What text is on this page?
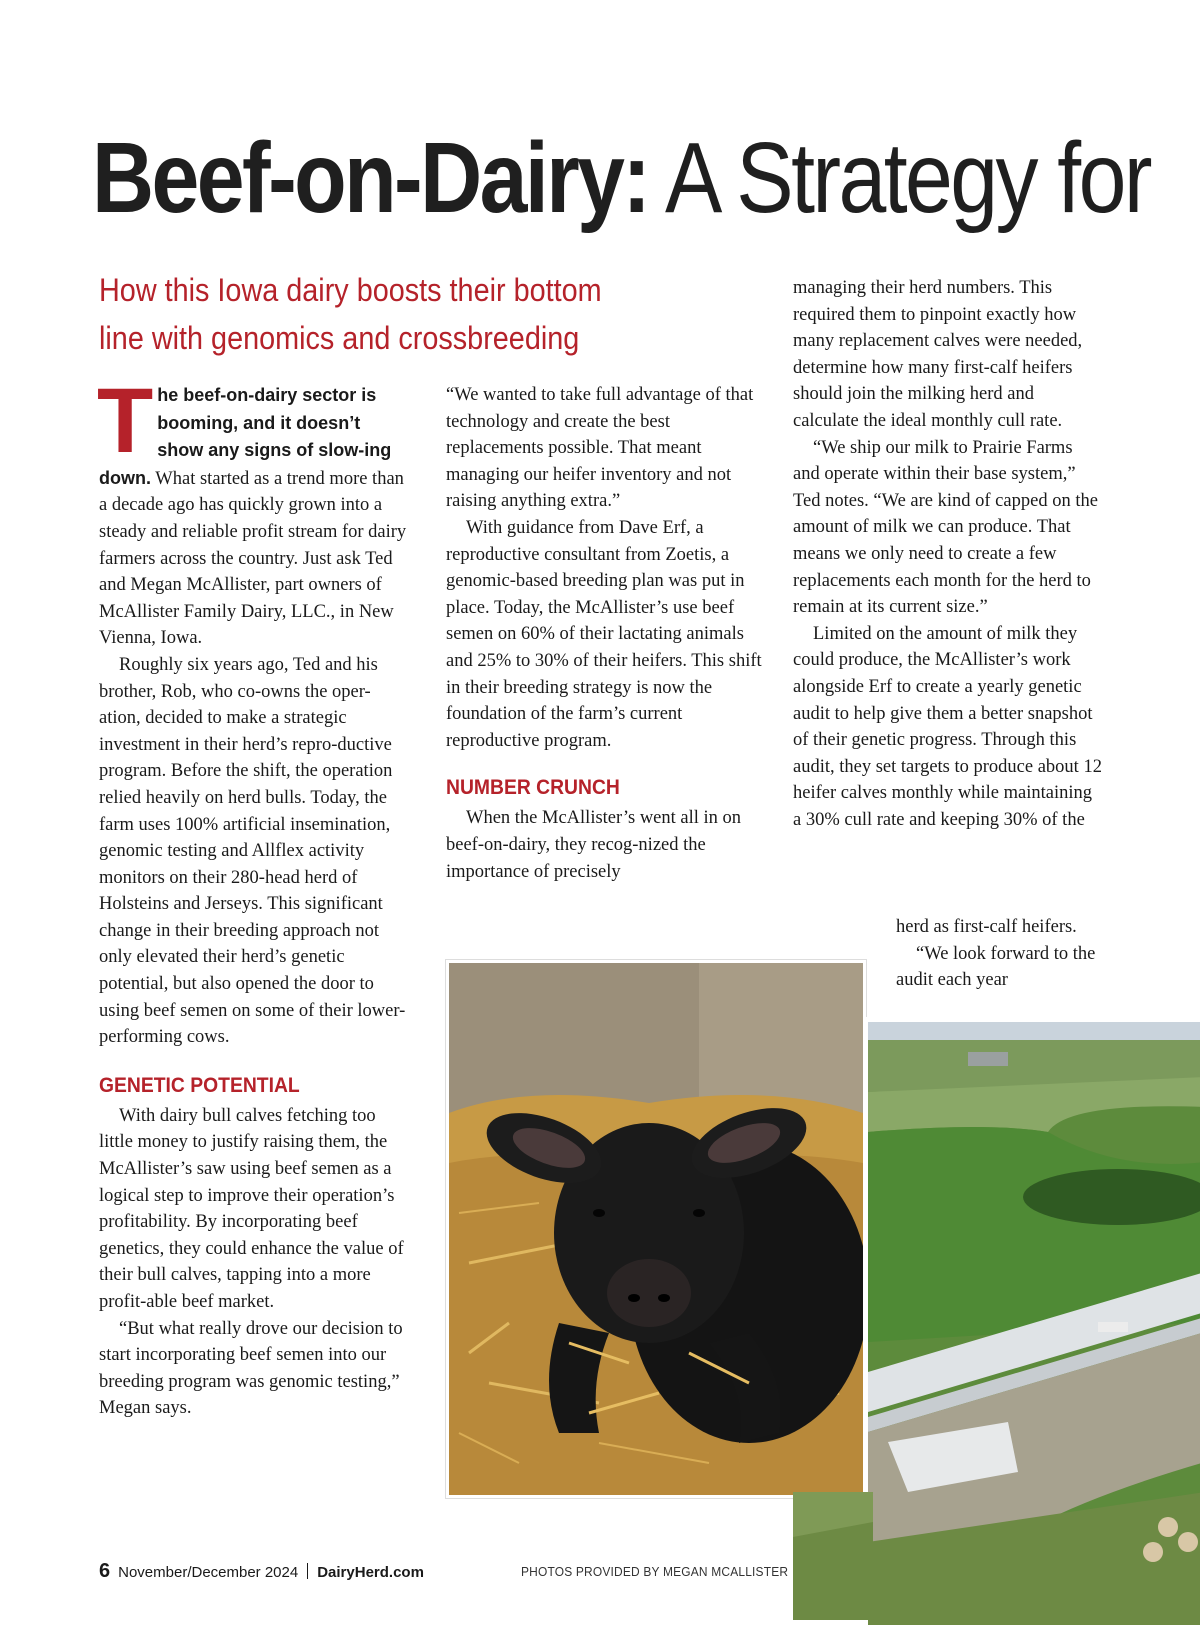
Beef-on-Dairy: A Strategy for
How this Iowa dairy boosts their bottom line with genomics and crossbreeding

The beef-on-dairy sector is booming, and it doesn’t show any signs of slow-ing down. What started as a trend more than a decade ago has quickly grown into a steady and reliable profit stream for dairy farmers across the country. Just ask Ted and Megan McAllister, part owners of McAllister Family Dairy, LLC., in New Vienna, Iowa.

Roughly six years ago, Ted and his brother, Rob, who co-owns the oper-ation, decided to make a strategic investment in their herd’s repro-ductive program. Before the shift, the operation relied heavily on herd bulls. Today, the farm uses 100% artificial insemination, genomic testing and Allflex activity monitors on their 280-head herd of Holsteins and Jerseys. This significant change in their breeding approach not only elevated their herd’s genetic potential, but also opened the door to using beef semen on some of their lower-performing cows.

GENETIC POTENTIAL

With dairy bull calves fetching too little money to justify raising them, the McAllister’s saw using beef semen as a logical step to improve their operation’s profitability. By incorporating beef genetics, they could enhance the value of their bull calves, tapping into a more profit-able beef market.

“But what really drove our decision to start incorporating beef semen into our breeding program was genomic testing,” Megan says.

“We wanted to take full advantage of that technology and create the best replacements possible. That meant managing our heifer inventory and not raising anything extra.”

With guidance from Dave Erf, a reproductive consultant from Zoetis, a genomic-based breeding plan was put in place. Today, the McAllister’s use beef semen on 60% of their lactating animals and 25% to 30% of their heifers. This shift in their breeding strategy is now the foundation of the farm’s current reproductive program.

NUMBER CRUNCH

When the McAllister’s went all in on beef-on-dairy, they recog-nized the importance of precisely

managing their herd numbers. This required them to pinpoint exactly how many replacement calves were needed, determine how many first-calf heifers should join the milking herd and calculate the ideal monthly cull rate.

“We ship our milk to Prairie Farms and operate within their base system,” Ted notes. “We are kind of capped on the amount of milk we can produce. That means we only need to create a few replacements each month for the herd to remain at its current size.”

Limited on the amount of milk they could produce, the McAllister’s work alongside Erf to create a yearly genetic audit to help give them a better snapshot of their genetic progress. Through this audit, they set targets to produce about 12 heifer calves monthly while maintaining a 30% cull rate and keeping 30% of the

herd as first-calf heifers.

“We look forward to the audit each year

6 November/December 2024 DairyHerd.com	PHOTOS PROVIDED BY MEGAN MCALLISTER
